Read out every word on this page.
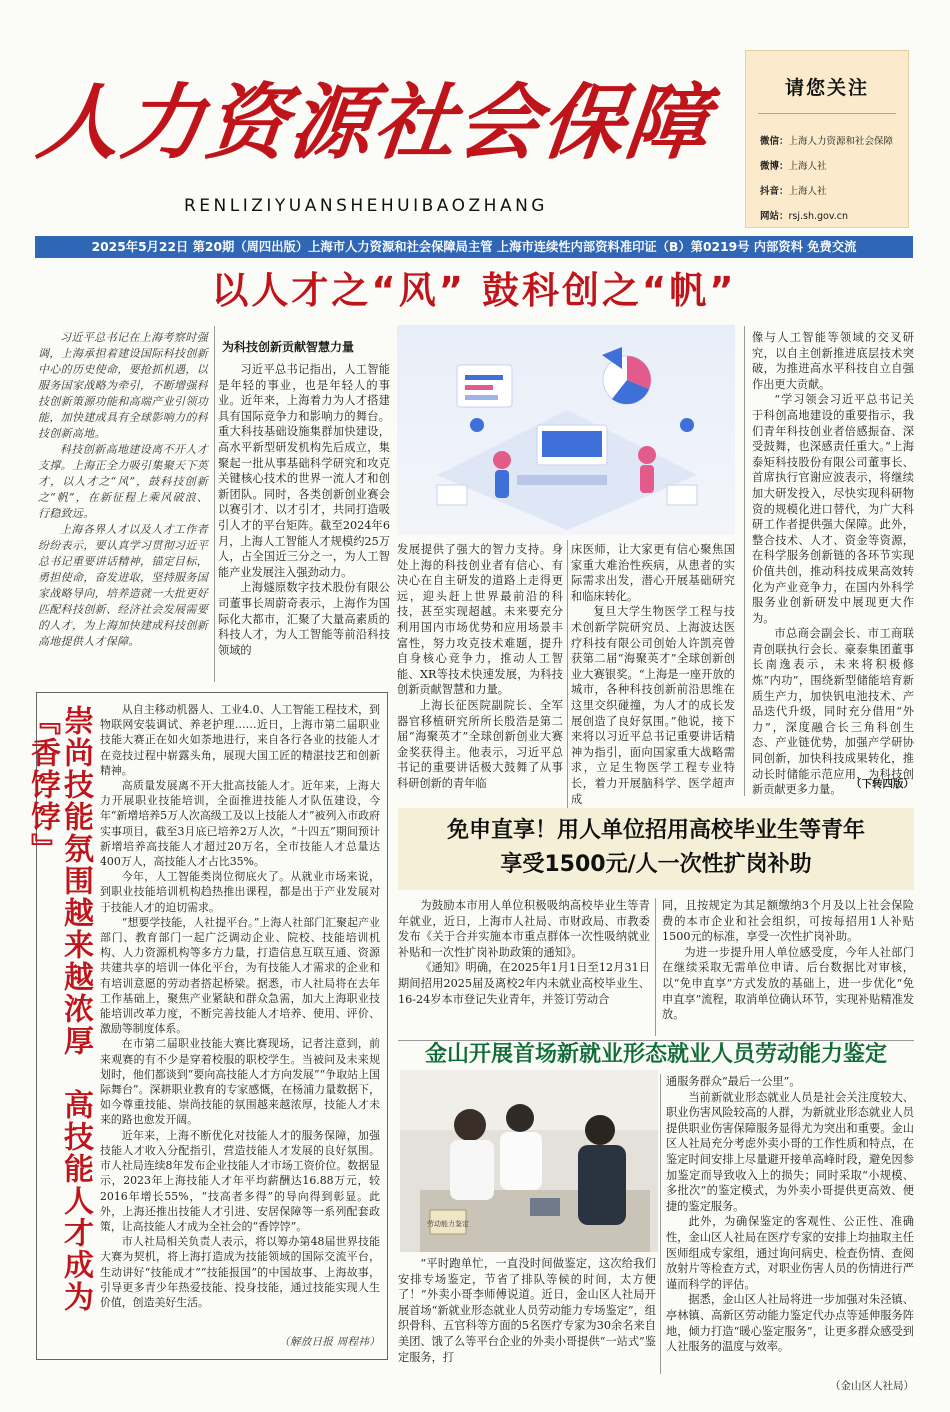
人力资源社会保障
RENLIZIYUANSHEHUIBAOZHANG
请您关注
微信：上海人力资源和社会保障
微博：上海人社
抖音：上海人社
网站：rsj.sh.gov.cn
2025年5月22日 第20期（周四出版）上海市人力资源和社会保障局主管 上海市连续性内部资料准印证（B）第0219号 内部资料 免费交流
以人才之“风” 鼓科创之“帆”

习近平总书记在上海考察时强调，上海承担着建设国际科技创新中心的历史使命，要抢抓机遇，以服务国家战略为牵引，不断增强科技创新策源功能和高端产业引领功能，加快建成具有全球影响力的科技创新高地。

科技创新高地建设离不开人才支撑。上海正全力吸引集聚天下英才，以人才之“风”，鼓科技创新之“帆”，在新征程上乘风破浪、行稳致远。

上海各界人才以及人才工作者纷纷表示，要认真学习贯彻习近平总书记重要讲话精神，锚定目标，勇担使命，奋发进取，坚持服务国家战略导向，培养造就一大批更好匹配科技创新、经济社会发展需要的人才，为上海加快建成科技创新高地提供人才保障。

为科技创新贡献智慧力量

习近平总书记指出，人工智能是年轻的事业，也是年轻人的事业。近年来，上海着力为人才搭建具有国际竞争力和影响力的舞台。重大科技基础设施集群加快建设，高水平新型研发机构先后成立，集聚起一批从事基础科学研究和攻克关键核心技术的世界一流人才和创新团队。同时，各类创新创业赛会以赛引才、以才引才，共同打造吸引人才的平台矩阵。截至2024年6月，上海人工智能人才规模约25万人，占全国近三分之一，为人工智能产业发展注入强劲动力。

上海燧原数字技术股份有限公司董事长周蔚奇表示，上海作为国际化大都市，汇聚了大量高素质的科技人才，为人工智能等前沿科技领域的

发展提供了强大的智力支持。身处上海的科技创业者有信心、有决心在自主研发的道路上走得更远，迎头赶上世界最前沿的科技，甚至实现超越。未来要充分利用国内市场优势和应用场景丰富性，努力攻克技术难题，提升自身核心竞争力，推动人工智能、XR等技术快速发展，为科技创新贡献智慧和力量。

上海长征医院副院长、全军器官移植研究所所长殷浩是第二届“海聚英才”全球创新创业大赛金奖获得主。他表示，习近平总书记的重要讲话极大鼓舞了从事科研创新的青年临

床医师，让大家更有信心聚焦国家重大难治性疾病，从患者的实际需求出发，潜心开展基础研究和临床转化。

复旦大学生物医学工程与技术创新学院研究员、上海波达医疗科技有限公司创始人许凯亮曾获第二届“海聚英才”全球创新创业大赛银奖。“上海是一座开放的城市，各种科技创新前沿思维在这里交织碰撞，为人才的成长发展创造了良好氛围。”他说，接下来将以习近平总书记重要讲话精神为指引，面向国家重大战略需求，立足生物医学工程专业特长，着力开展脑科学、医学超声成

像与人工智能等领域的交叉研究，以自主创新推进底层技术突破，为推进高水平科技自立自强作出更大贡献。

“学习领会习近平总书记关于科创高地建设的重要指示，我们青年科技创业者倍感振奋、深受鼓舞，也深感责任重大。”上海泰矩科技股份有限公司董事长、首席执行官谢应波表示，将继续加大研发投入，尽快实现科研物资的规模化进口替代，为广大科研工作者提供强大保障。此外，整合技术、人才、资金等资源，在科学服务创新链的各环节实现价值共创，推动科技成果高效转化为产业竞争力，在国内外科学服务业创新研发中展现更大作为。

市总商会副会长、市工商联青创联执行会长、豪泰集团董事长南逸表示，未来将积极修炼“内功”，围绕新型储能培育新质生产力，加快钒电池技术、产品迭代升级，同时充分借用“外力”，深度融合长三角科创生态、产业链优势，加强产学研协同创新，加快科技成果转化，推动长时储能示范应用，为科技创新贡献更多力量。 （下转四版）
崇尚技能氛围越来越浓厚　高技能人才成为『香饽饽』	从自主移动机器人、工业4.0、人工智能工程技术，到物联网安装调试、养老护理……近日，上海市第二届职业技能大赛正在如火如荼地进行，来自各行各业的技能人才在竞技过程中崭露头角，展现大国工匠的精湛技艺和创新精神。

高质量发展离不开大批高技能人才。近年来，上海大力开展职业技能培训，全面推进技能人才队伍建设，今年“新增培养5万人次高级工及以上技能人才”被列入市政府实事项目，截至3月底已培养2万人次，“十四五”期间预计新增培养高技能人才超过20万名，全市技能人才总量达400万人，高技能人才占比35%。

今年，人工智能类岗位彻底火了。从就业市场来说，到职业技能培训机构趋热推出课程，都是出于产业发展对于技能人才的迫切需求。

“想要学技能，人社提平台。”上海人社部门汇聚起产业部门、教育部门一起广泛调动企业、院校、技能培训机构、人力资源机构等多方力量，打造信息互联互通、资源共建共享的培训一体化平台，为有技能人才需求的企业和有培训意愿的劳动者搭起桥梁。据悉，市人社局将在去年工作基础上，聚焦产业紧缺和群众急需，加大上海职业技能培训改革力度，不断完善技能人才培养、使用、评价、激励等制度体系。

在市第二届职业技能大赛比赛现场，记者注意到，前来观赛的有不少是穿着校服的职校学生。当被问及未来规划时，他们都谈到“要向高技能人才方向发展”“争取站上国际舞台”。深耕职业教育的专家感慨，在杨浦力量数据下，如今尊重技能、崇尚技能的氛围越来越浓厚，技能人才未来的路也愈发开阔。

近年来，上海不断优化对技能人才的服务保障，加强技能人才收入分配指引，营造技能人才发展的良好氛围。市人社局连续8年发布企业技能人才市场工资价位。数据显示，2023年上海技能人才年平均薪酬达16.88万元，较2016年增长55%，“技高者多得”的导向得到彰显。此外，上海还推出技能人才引进、安居保障等一系列配套政策，让高技能人才成为全社会的“香饽饽”。

市人社局相关负责人表示，将以筹办第48届世界技能大赛为契机，将上海打造成为技能领域的国际交流平台，生动讲好“技能成才”“技能报国”的中国故事、上海故事，引导更多青少年热爱技能、投身技能，通过技能实现人生价值，创造美好生活。

（解放日报 周程祎）
免申直享！用人单位招用高校毕业生等青年
享受1500元/人一次性扩岗补助

为鼓励本市用人单位积极吸纳高校毕业生等青年就业，近日，上海市人社局、市财政局、市教委发布《关于合并实施本市重点群体一次性吸纳就业补贴和一次性扩岗补助政策的通知》。

《通知》明确，在2025年1月1日至12月31日期间招用2025届及离校2年内未就业高校毕业生、16-24岁本市登记失业青年，并签订劳动合

同，且按规定为其足额缴纳3个月及以上社会保险费的本市企业和社会组织，可按每招用1人补贴1500元的标准，享受一次性扩岗补助。

为进一步提升用人单位感受度，今年人社部门在继续采取无需单位申请、后台数据比对审核，以“免申直享”方式发放的基础上，进一步优化“免申直享”流程，取消单位确认环节，实现补贴精准发放。

金山开展首场新就业形态就业人员劳动能力鉴定
劳动能力鉴定

“平时跑单忙，一直没时间做鉴定，这次给我们安排专场鉴定，节省了排队等候的时间，太方便了！”外卖小哥李师傅说道。近日，金山区人社局开展首场“新就业形态就业人员劳动能力专场鉴定”，组织骨科、五官科等方面的5名医疗专家为30余名来自美团、饿了么等平台企业的外卖小哥提供“一站式”鉴定服务，打

通服务群众“最后一公里”。

当前新就业形态就业人员是社会关注度较大、职业伤害风险较高的人群，为新就业形态就业人员提供职业伤害保障服务显得尤为突出和重要。金山区人社局充分考虑外卖小哥的工作性质和特点，在鉴定时间安排上尽量避开接单高峰时段，避免因参加鉴定而导致收入上的损失；同时采取“小规模、多批次”的鉴定模式，为外卖小哥提供更高效、便捷的鉴定服务。

此外，为确保鉴定的客观性、公正性、准确性，金山区人社局在医疗专家的安排上均抽取主任医师组成专家组，通过询问病史、检查伤情、查阅放射片等检查方式，对职业伤害人员的伤情进行严谨而科学的评估。

据悉，金山区人社局将进一步加强对朱泾镇、亭林镇、高新区劳动能力鉴定代办点等延伸服务阵地，倾力打造“暖心鉴定服务”，让更多群众感受到人社服务的温度与效率。

（金山区人社局）
